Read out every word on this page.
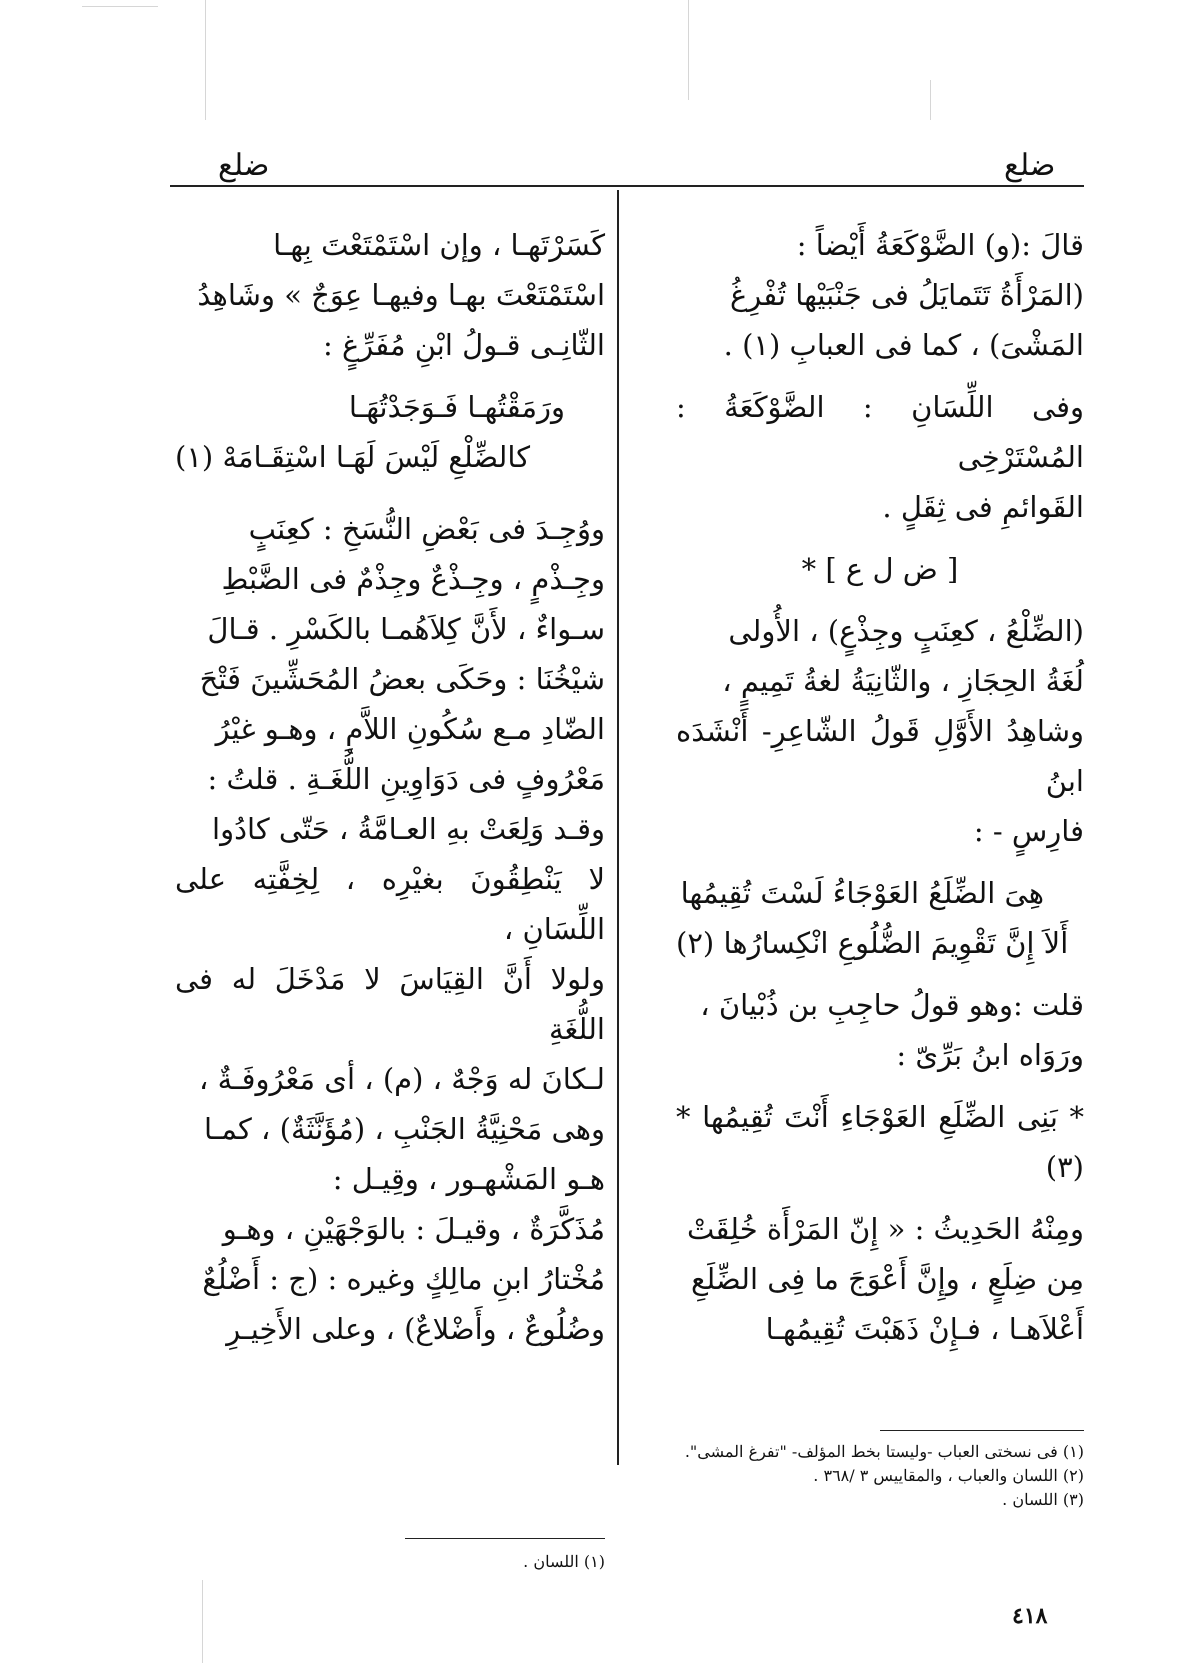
ضلع
ضلع

قالَ :(و) الضَّوْكَعَةُ أَيْضاً :

(المَرْأَةُ تَتَمايَلُ فى جَنْبَيْها تُفْرِغُ

المَشْىَ) ، كما فى العبابِ (١) .

وفى اللِّسَانِ : الضَّوْكَعَةُ : المُسْتَرْخِى

القَوائمِ فى ثِقَلٍ .

[ ض ل ع ] *

(الضِّلْعُ ، كعِنَبٍ وجِذْعٍ) ، الأُولى

لُغَةُ الحِجَازِ ، والثّانِيَةُ لغةُ تَمِيمٍ ،

وشاهِدُ الأَوَّلِ قَولُ الشّاعِرِ- أَنْشَدَه ابنُ

فارِسٍ - :

هِىَ الضِّلَعُ العَوْجَاءُ لَسْتَ تُقِيمُها

أَلاَ إِنَّ تَقْوِيمَ الضُّلُوعِ انْكِسارُها (٢)

قلت :وهو قولُ حاجِبِ بن ذُبْيانَ ،

ورَوَاه ابنُ بَرِّىّ :

* بَنِى الضِّلَعِ العَوْجَاءِ أَنْتَ تُقِيمُها * (٣)

ومِنْهُ الحَدِيثُ : « إِنّ المَرْأَة خُلِقَتْ

مِن ضِلَعٍ ، وإِنَّ أَعْوَجَ ما فِى الضِّلَعِ

أَعْلاَهـا ، فـإِنْ ذَهَبْتَ تُقِيمُهـا

كَسَرْتَهـا ، وإن اسْتَمْتَعْتَ بِهـا

اسْتَمْتَعْتَ بهـا وفيهـا عِوَجٌ » وشَاهِدُ

الثّانِـى قـولُ ابْنِ مُفَرِّغٍ :

ورَمَقْتُهـا فَـوَجَدْتُهَـا

كالضِّلْعِ لَيْسَ لَهَـا اسْتِقَـامَهْ (١)

ووُجِـدَ فى بَعْضِ النُّسَخِ : كعِنَبٍ

وجِـذْمٍ ، وجِـذْعٌ وجِذْمٌ فى الضَّبْطِ

سـواءٌ ، لأَنَّ كِلاَهُمـا بالكَسْرِ . قـالَ

شيْخُنَا : وحَكَى بعضُ المُحَشِّينَ فَتْحَ

الضّادِ مـع سُكُونِ اللاَّمِ ، وهـو غيْرُ

مَعْرُوفٍ فى دَوَاوِينِ اللُّغَـةِ . قلتُ :

وقـد وَلِعَتْ بهِ العـامَّةُ ، حَتّى كادُوا

لا يَنْطِقُونَ بغيْرِه ، لِخِفَّتِه على اللِّسَانِ ،

ولولا أَنَّ القِيَاسَ لا مَدْخَلَ له فى اللُّغَةِ

لـكانَ له وَجْهٌ ، (م) ، أى مَعْرُوفَـةٌ ،

وهى مَحْنِيَّةُ الجَنْبِ ، (مُؤَنَّثَةٌ) ، كمـا

هـو المَشْهـور ، وقِيـل :

مُذَكَّرَةٌ ، وقيـلَ : بالوَجْهَيْنِ ، وهـو

مُخْتارُ ابنِ مالِكٍ وغيره : (ج : أَضْلُعٌ

وضُلُوعٌ ، وأَضْلاعٌ) ، وعلى الأَخِيـرِ

(١) فى نسختى العباب -وليستا بخط المؤلف- "تفرغ المشى".
(٢) اللسان والعباب ، والمقاييس ٣ /٣٦٨ .
(٣) اللسان .
(١) اللسان .
٤١٨
